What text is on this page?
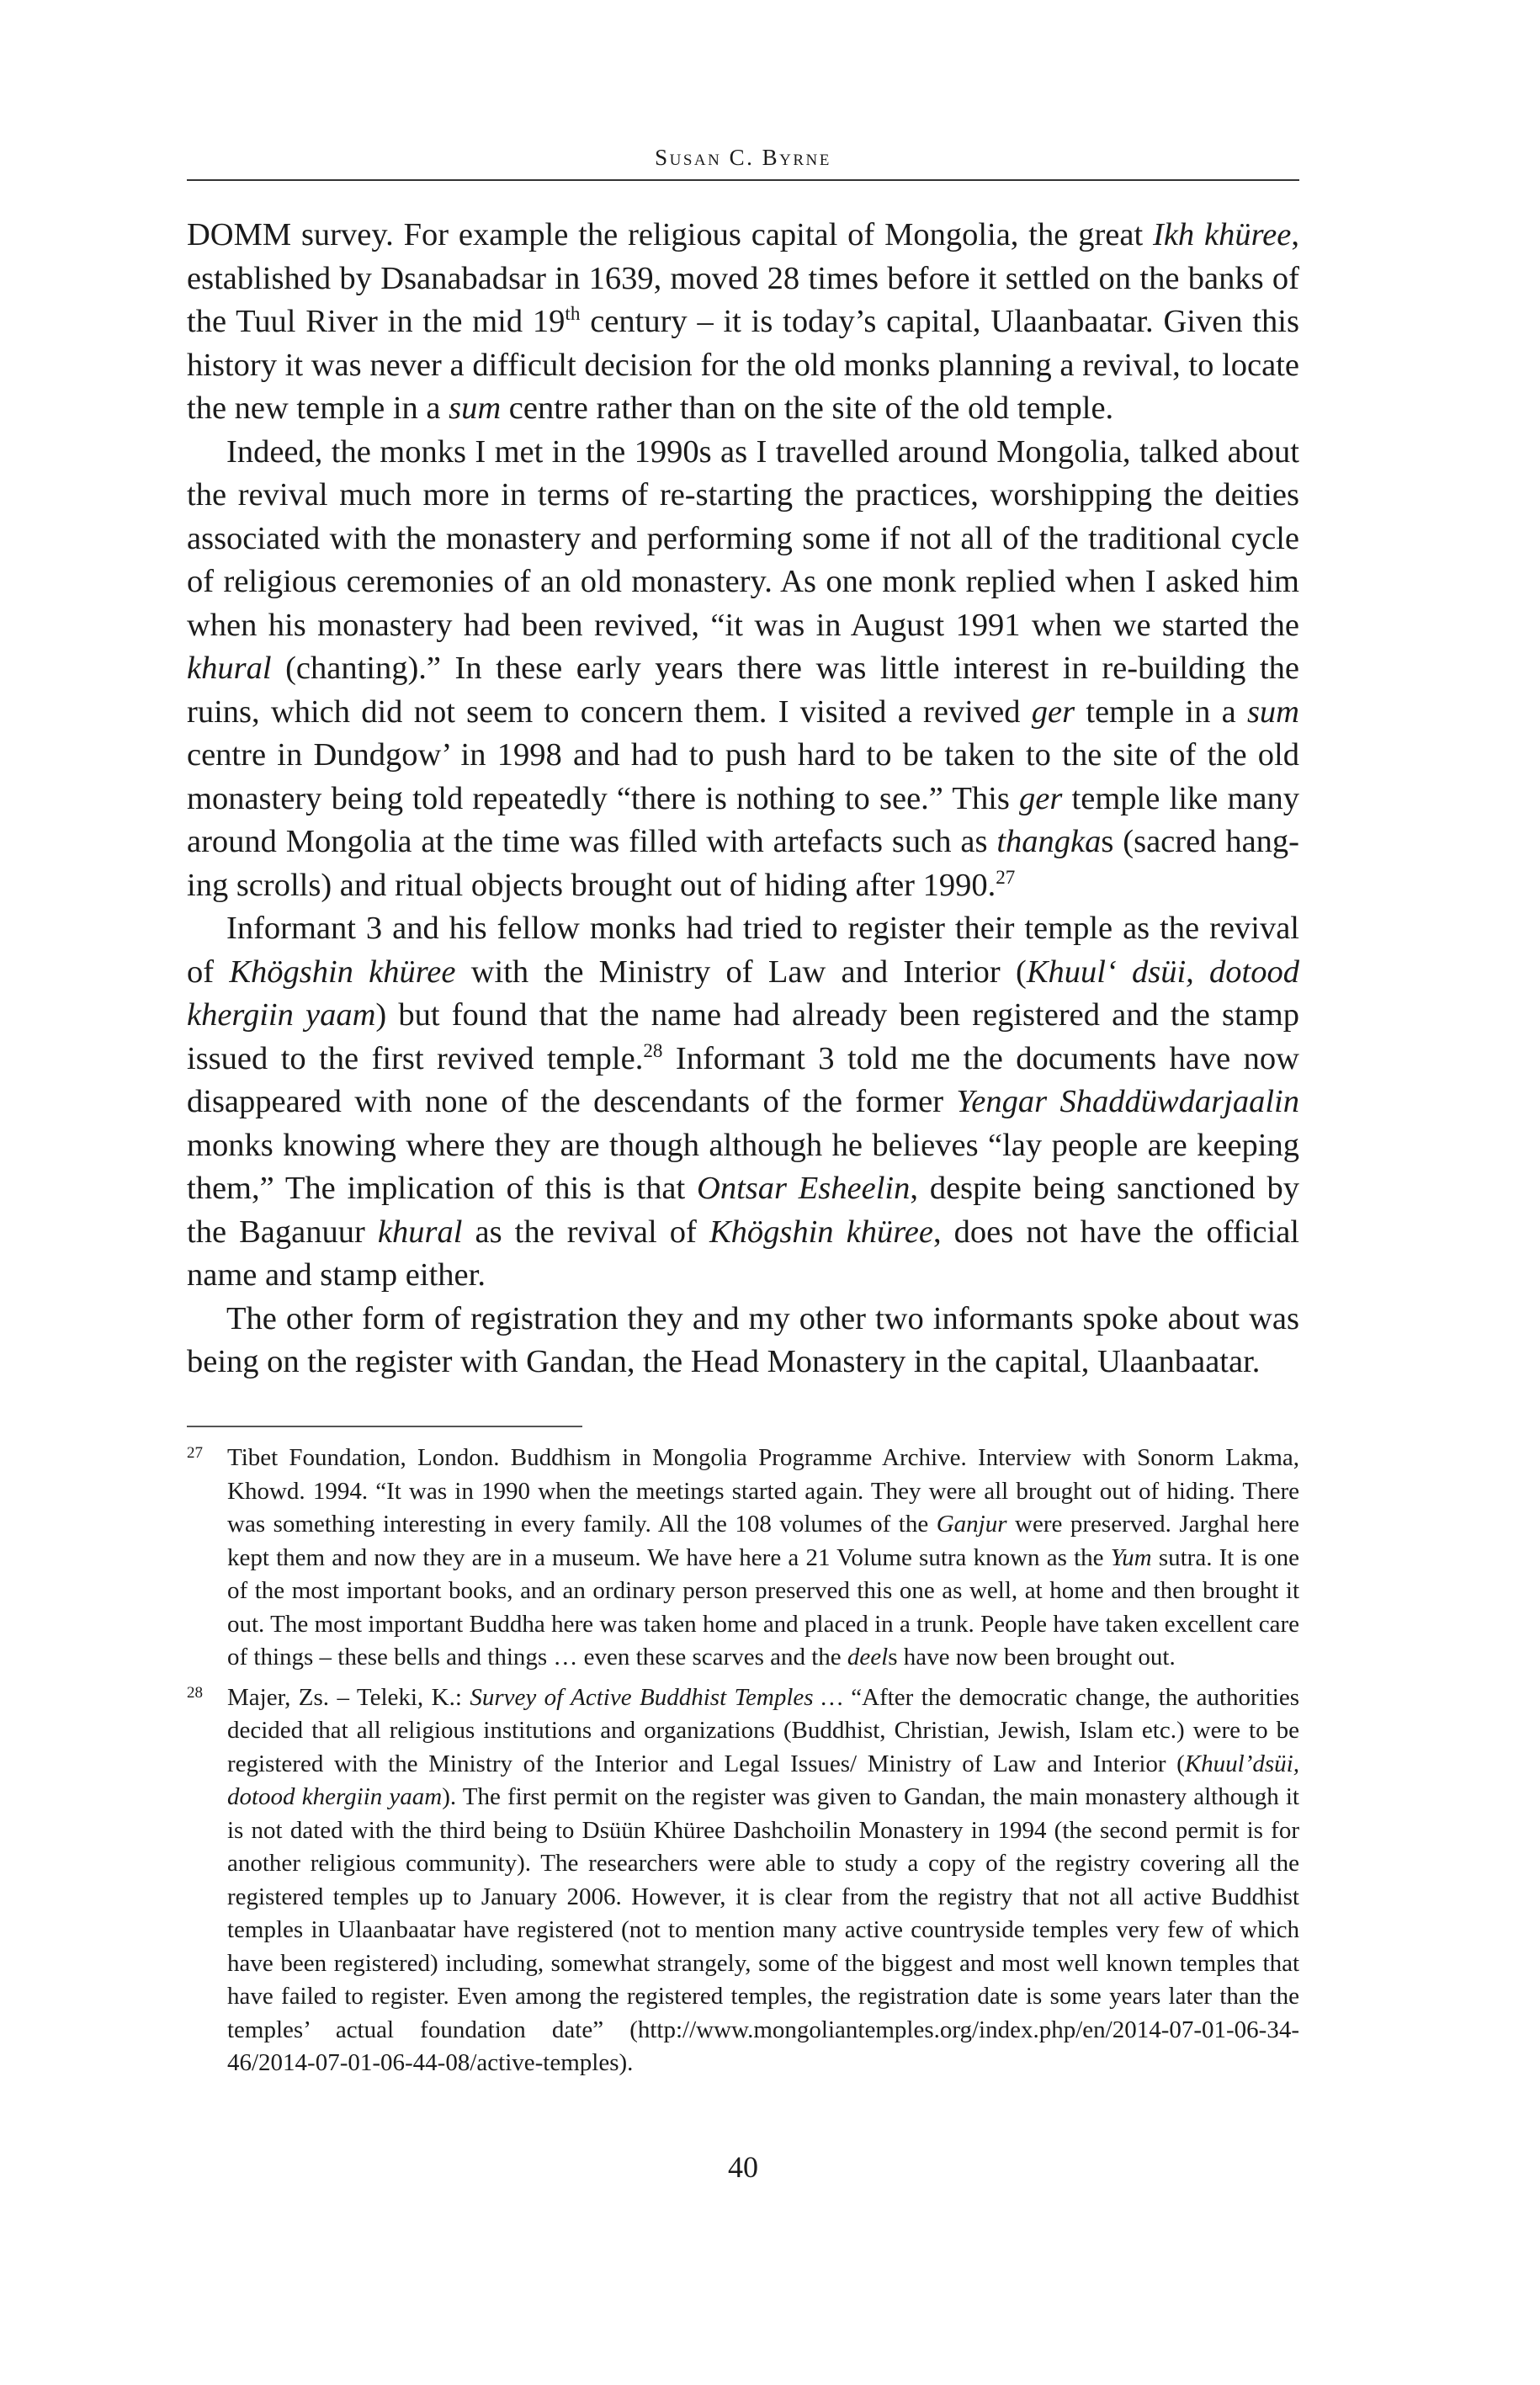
Susan C. Byrne

DOMM survey. For example the religious capital of Mongolia, the great Ikh khüree, established by Dsanabadsar in 1639, moved 28 times before it settled on the banks of the Tuul River in the mid 19th century – it is today’s capital, Ulaanbaatar. Given this history it was never a difficult decision for the old monks planning a revival, to locate the new temple in a sum centre rather than on the site of the old temple.

Indeed, the monks I met in the 1990s as I travelled around Mongolia, talked about the revival much more in terms of re-starting the practices, worshipping the deities associated with the monastery and performing some if not all of the traditional cycle of religious ceremonies of an old monastery. As one monk replied when I asked him when his monastery had been revived, “it was in August 1991 when we started the khural (chanting).” In these early years there was little interest in re-building the ruins, which did not seem to concern them. I visited a revived ger temple in a sum centre in Dundgow’ in 1998 and had to push hard to be taken to the site of the old monastery being told repeatedly “there is nothing to see.” This ger temple like many around Mongolia at the time was filled with artefacts such as thangkas (sacred hanging scrolls) and ritual objects brought out of hiding after 1990.27

Informant 3 and his fellow monks had tried to register their temple as the revival of Khögshin khüree with the Ministry of Law and Interior (Khuul‘ dsüi, dotood khergiin yaam) but found that the name had already been registered and the stamp issued to the first revived temple.$^{28}$ Informant 3 told me the documents have now disappeared with none of the descendants of the former Yengar Shaddüwdarjaalin monks knowing where they are though although he believes “lay people are keeping them,” The implication of this is that Ontsar Esheelin, despite being sanctioned by the Baganuur khural as the revival of Khögshin khüree, does not have the official name and stamp either.

The other form of registration they and my other two informants spoke about was being on the register with Gandan, the Head Monastery in the capital, Ulaanbaatar.

27 Tibet Foundation, London. Buddhism in Mongolia Programme Archive. Interview with Sonorm Lakma, Khowd. 1994. “It was in 1990 when the meetings started again. They were all brought out of hiding. There was something interesting in every family. All the 108 volumes of the Ganjur were preserved. Jarghal here kept them and now they are in a museum. We have here a 21 Volume sutra known as the Yum sutra. It is one of the most important books, and an ordinary person preserved this one as well, at home and then brought it out. The most important Buddha here was taken home and placed in a trunk. People have taken excellent care of things – these bells and things … even these scarves and the deels have now been brought out.
28 Majer, Zs. – Teleki, K.: Survey of Active Buddhist Temples … “After the democratic change, the authorities decided that all religious institutions and organizations (Buddhist, Christian, Jewish, Islam etc.) were to be registered with the Ministry of the Interior and Legal Issues/ Ministry of Law and Interior (Khuul’dsüi, dotood khergiin yaam). The first permit on the register was given to Gandan, the main monastery although it is not dated with the third being to Dsüün Khüree Dashchoilin Monastery in 1994 (the second permit is for another religious community). The researchers were able to study a copy of the registry covering all the registered temples up to January 2006. However, it is clear from the registry that not all active Buddhist temples in Ulaanbaatar have registered (not to mention many active countryside temples very few of which have been registered) including, somewhat strangely, some of the biggest and most well known temples that have failed to register. Even among the registered temples, the registration date is some years later than the temples’ actual foundation date” (http://www.mongoliantemples.org/index.php/en/2014-07-01-06-34-46/2014-07-01-06-44-08/active-temples).
40
